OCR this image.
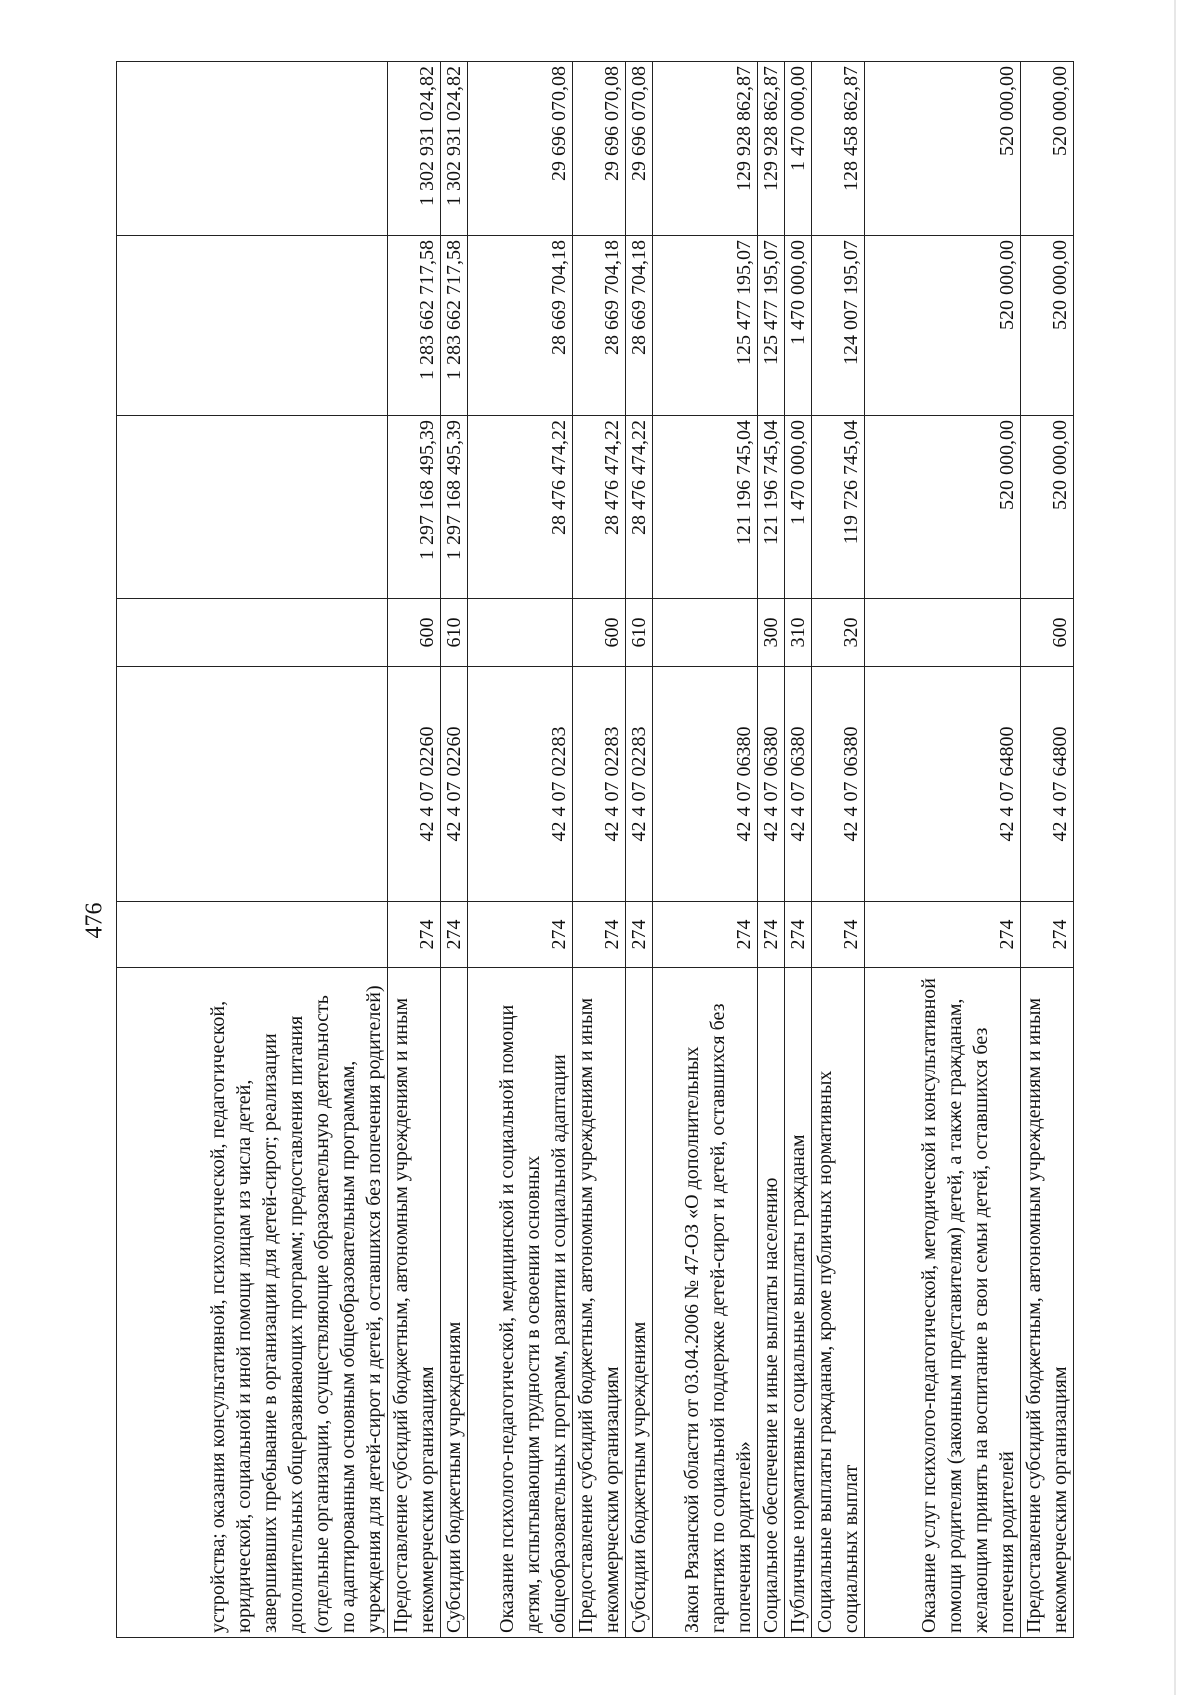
476
устройства; оказания консультативной, психологической, педагогической, юридической, социальной и иной помощи лицам из числа детей, завершивших пребывание в организации для детей-сирот; реализации дополнительных общеразвивающих программ; предоставления питания (отдельные организации, осуществляющие образовательную деятельность по адаптированным основным общеобразовательным программам, учреждения для детей-сирот и детей, оставшихся без попечения родителей)						
Предоставление субсидий бюджетным, автономным учреждениям и иным некоммерческим организациям	274	42 4 07 02260	600	1 297 168 495,39	1 283 662 717,58	1 302 931 024,82
Субсидии бюджетным учреждениям	274	42 4 07 02260	610	1 297 168 495,39	1 283 662 717,58	1 302 931 024,82
Оказание психолого-педагогической, медицинской и социальной помощи детям, испытывающим трудности в освоении основных общеобразовательных программ, развитии и социальной адаптации	274	42 4 07 02283		28 476 474,22	28 669 704,18	29 696 070,08
Предоставление субсидий бюджетным, автономным учреждениям и иным некоммерческим организациям	274	42 4 07 02283	600	28 476 474,22	28 669 704,18	29 696 070,08
Субсидии бюджетным учреждениям	274	42 4 07 02283	610	28 476 474,22	28 669 704,18	29 696 070,08
Закон Рязанской области от 03.04.2006 № 47-ОЗ «О дополнительных гарантиях по социальной поддержке детей-сирот и детей, оставшихся без попечения родителей»	274	42 4 07 06380		121 196 745,04	125 477 195,07	129 928 862,87
Социальное обеспечение и иные выплаты населению	274	42 4 07 06380	300	121 196 745,04	125 477 195,07	129 928 862,87
Публичные нормативные социальные выплаты гражданам	274	42 4 07 06380	310	1 470 000,00	1 470 000,00	1 470 000,00
Социальные выплаты гражданам, кроме публичных нормативных социальных выплат	274	42 4 07 06380	320	119 726 745,04	124 007 195,07	128 458 862,87
Оказание услуг психолого-педагогической, методической и консультативной помощи родителям (законным представителям) детей, а также гражданам, желающим принять на воспитание в свои семьи детей, оставшихся без попечения родителей	274	42 4 07 64800		520 000,00	520 000,00	520 000,00
Предоставление субсидий бюджетным, автономным учреждениям и иным некоммерческим организациям	274	42 4 07 64800	600	520 000,00	520 000,00	520 000,00
